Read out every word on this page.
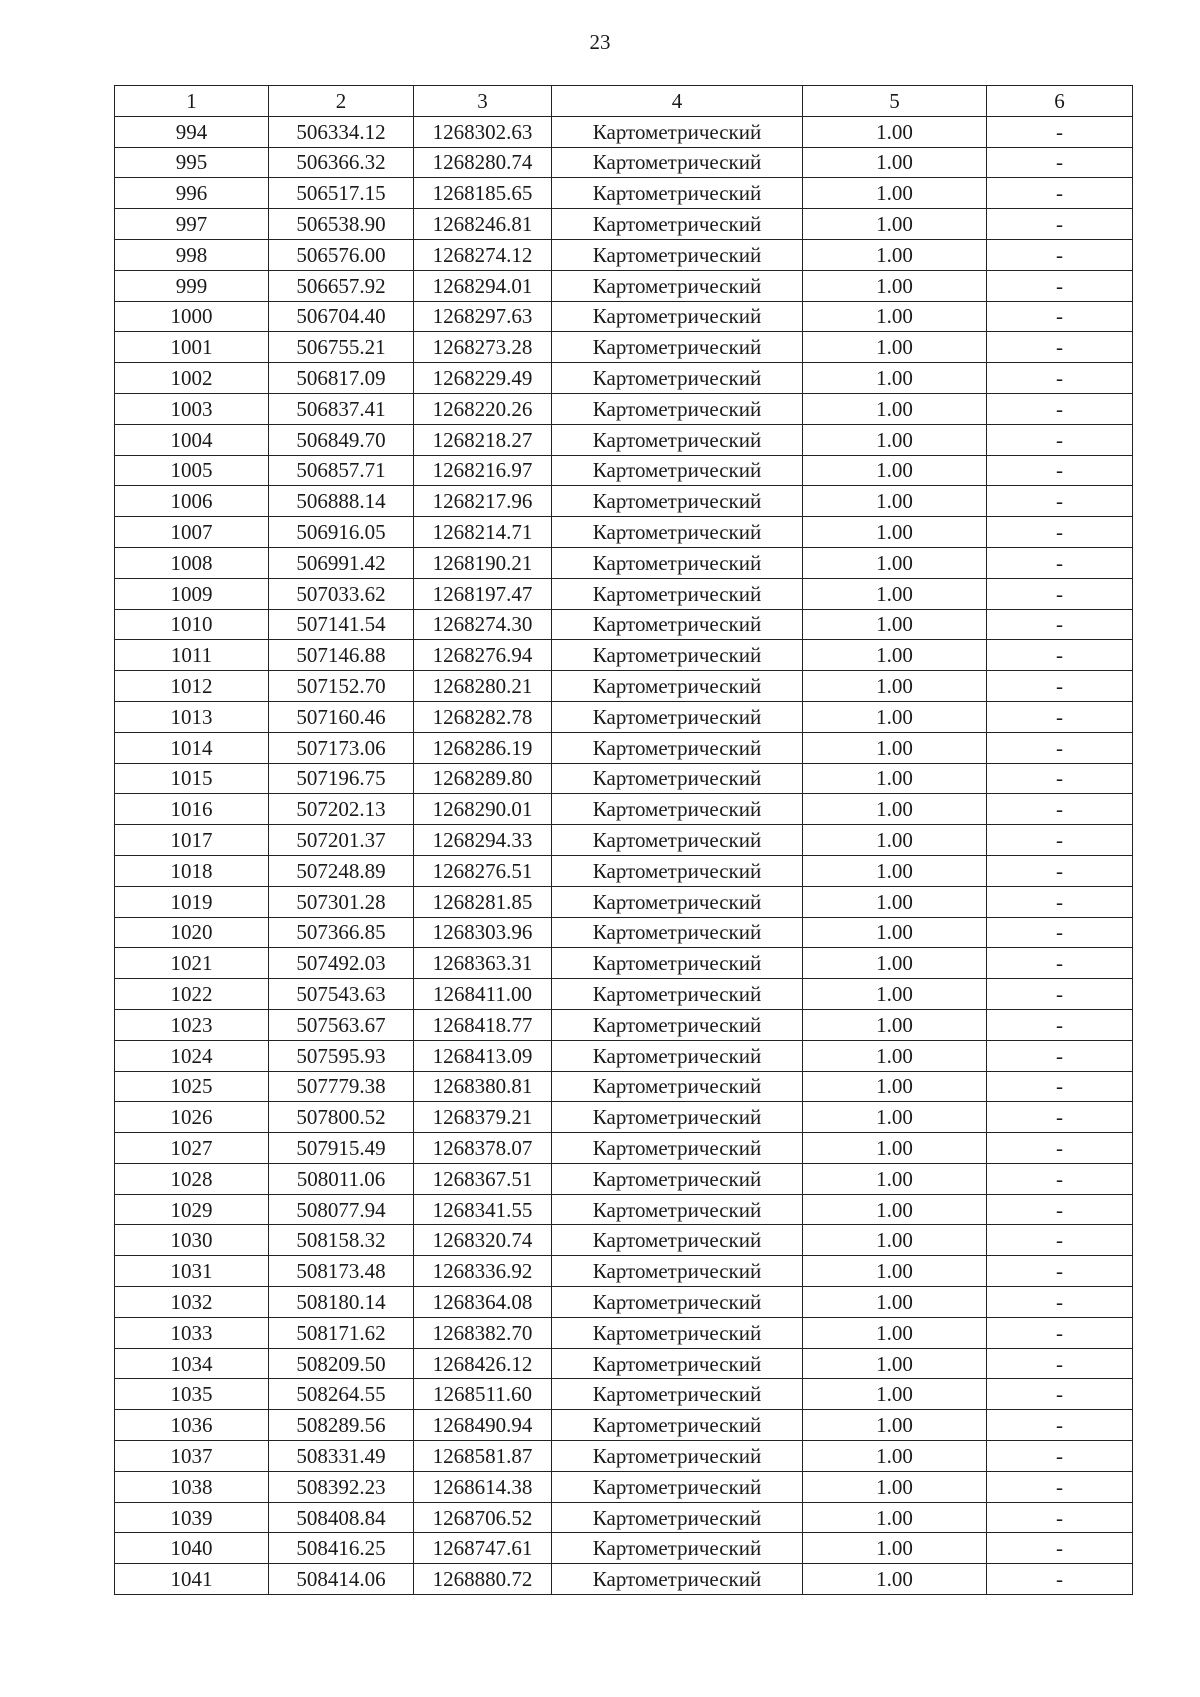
23
1	2	3	4	5	6
994	506334.12	1268302.63	Картометрический	1.00	-
995	506366.32	1268280.74	Картометрический	1.00	-
996	506517.15	1268185.65	Картометрический	1.00	-
997	506538.90	1268246.81	Картометрический	1.00	-
998	506576.00	1268274.12	Картометрический	1.00	-
999	506657.92	1268294.01	Картометрический	1.00	-
1000	506704.40	1268297.63	Картометрический	1.00	-
1001	506755.21	1268273.28	Картометрический	1.00	-
1002	506817.09	1268229.49	Картометрический	1.00	-
1003	506837.41	1268220.26	Картометрический	1.00	-
1004	506849.70	1268218.27	Картометрический	1.00	-
1005	506857.71	1268216.97	Картометрический	1.00	-
1006	506888.14	1268217.96	Картометрический	1.00	-
1007	506916.05	1268214.71	Картометрический	1.00	-
1008	506991.42	1268190.21	Картометрический	1.00	-
1009	507033.62	1268197.47	Картометрический	1.00	-
1010	507141.54	1268274.30	Картометрический	1.00	-
1011	507146.88	1268276.94	Картометрический	1.00	-
1012	507152.70	1268280.21	Картометрический	1.00	-
1013	507160.46	1268282.78	Картометрический	1.00	-
1014	507173.06	1268286.19	Картометрический	1.00	-
1015	507196.75	1268289.80	Картометрический	1.00	-
1016	507202.13	1268290.01	Картометрический	1.00	-
1017	507201.37	1268294.33	Картометрический	1.00	-
1018	507248.89	1268276.51	Картометрический	1.00	-
1019	507301.28	1268281.85	Картометрический	1.00	-
1020	507366.85	1268303.96	Картометрический	1.00	-
1021	507492.03	1268363.31	Картометрический	1.00	-
1022	507543.63	1268411.00	Картометрический	1.00	-
1023	507563.67	1268418.77	Картометрический	1.00	-
1024	507595.93	1268413.09	Картометрический	1.00	-
1025	507779.38	1268380.81	Картометрический	1.00	-
1026	507800.52	1268379.21	Картометрический	1.00	-
1027	507915.49	1268378.07	Картометрический	1.00	-
1028	508011.06	1268367.51	Картометрический	1.00	-
1029	508077.94	1268341.55	Картометрический	1.00	-
1030	508158.32	1268320.74	Картометрический	1.00	-
1031	508173.48	1268336.92	Картометрический	1.00	-
1032	508180.14	1268364.08	Картометрический	1.00	-
1033	508171.62	1268382.70	Картометрический	1.00	-
1034	508209.50	1268426.12	Картометрический	1.00	-
1035	508264.55	1268511.60	Картометрический	1.00	-
1036	508289.56	1268490.94	Картометрический	1.00	-
1037	508331.49	1268581.87	Картометрический	1.00	-
1038	508392.23	1268614.38	Картометрический	1.00	-
1039	508408.84	1268706.52	Картометрический	1.00	-
1040	508416.25	1268747.61	Картометрический	1.00	-
1041	508414.06	1268880.72	Картометрический	1.00	-
